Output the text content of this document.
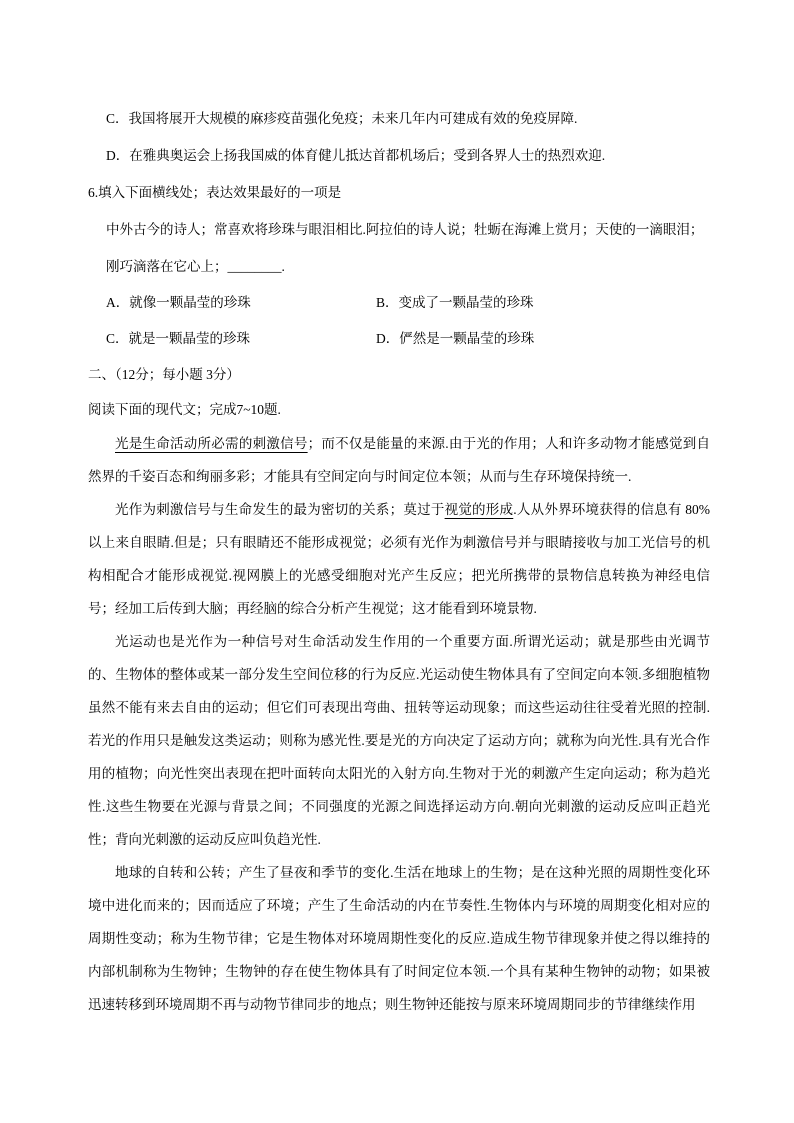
C．我国将展开大规模的麻疹疫苗强化免疫；未来几年内可建成有效的免疫屏障.

D．在雅典奥运会上扬我国威的体育健儿抵达首都机场后；受到各界人士的热烈欢迎.

6.填入下面横线处；表达效果最好的一项是

中外古今的诗人；常喜欢将珍珠与眼泪相比.阿拉伯的诗人说；牡蛎在海滩上赏月；天使的一滴眼泪；

刚巧滴落在它心上；________.

A．就像一颗晶莹的珍珠	B．变成了一颗晶莹的珍珠
C．就是一颗晶莹的珍珠	D．俨然是一颗晶莹的珍珠

二、（12分；每小题 3分）

阅读下面的现代文；完成7~10题.

光是生命活动所必需的刺激信号；而不仅是能量的来源.由于光的作用；人和许多动物才能感觉到自然界的千姿百态和绚丽多彩；才能具有空间定向与时间定位本领；从而与生存环境保持统一.

光作为刺激信号与生命发生的最为密切的关系；莫过于视觉的形成.人从外界环境获得的信息有 80%以上来自眼睛.但是；只有眼睛还不能形成视觉；必须有光作为刺激信号并与眼睛接收与加工光信号的机构相配合才能形成视觉.视网膜上的光感受细胞对光产生反应；把光所携带的景物信息转换为神经电信号；经加工后传到大脑；再经脑的综合分析产生视觉；这才能看到环境景物.

光运动也是光作为一种信号对生命活动发生作用的一个重要方面.所谓光运动；就是那些由光调节的、生物体的整体或某一部分发生空间位移的行为反应.光运动使生物体具有了空间定向本领.多细胞植物虽然不能有来去自由的运动；但它们可表现出弯曲、扭转等运动现象；而这些运动往往受着光照的控制.若光的作用只是触发这类运动；则称为感光性.要是光的方向决定了运动方向；就称为向光性.具有光合作用的植物；向光性突出表现在把叶面转向太阳光的入射方向.生物对于光的刺激产生定向运动；称为趋光性.这些生物要在光源与背景之间；不同强度的光源之间选择运动方向.朝向光刺激的运动反应叫正趋光性；背向光刺激的运动反应叫负趋光性.

地球的自转和公转；产生了昼夜和季节的变化.生活在地球上的生物；是在这种光照的周期性变化环境中进化而来的；因而适应了环境；产生了生命活动的内在节奏性.生物体内与环境的周期变化相对应的周期性变动；称为生物节律；它是生物体对环境周期性变化的反应.造成生物节律现象并使之得以维持的内部机制称为生物钟；生物钟的存在使生物体具有了时间定位本领.一个具有某种生物钟的动物；如果被迅速转移到环境周期不再与动物节律同步的地点；则生物钟还能按与原来环境周期同步的节律继续作用
